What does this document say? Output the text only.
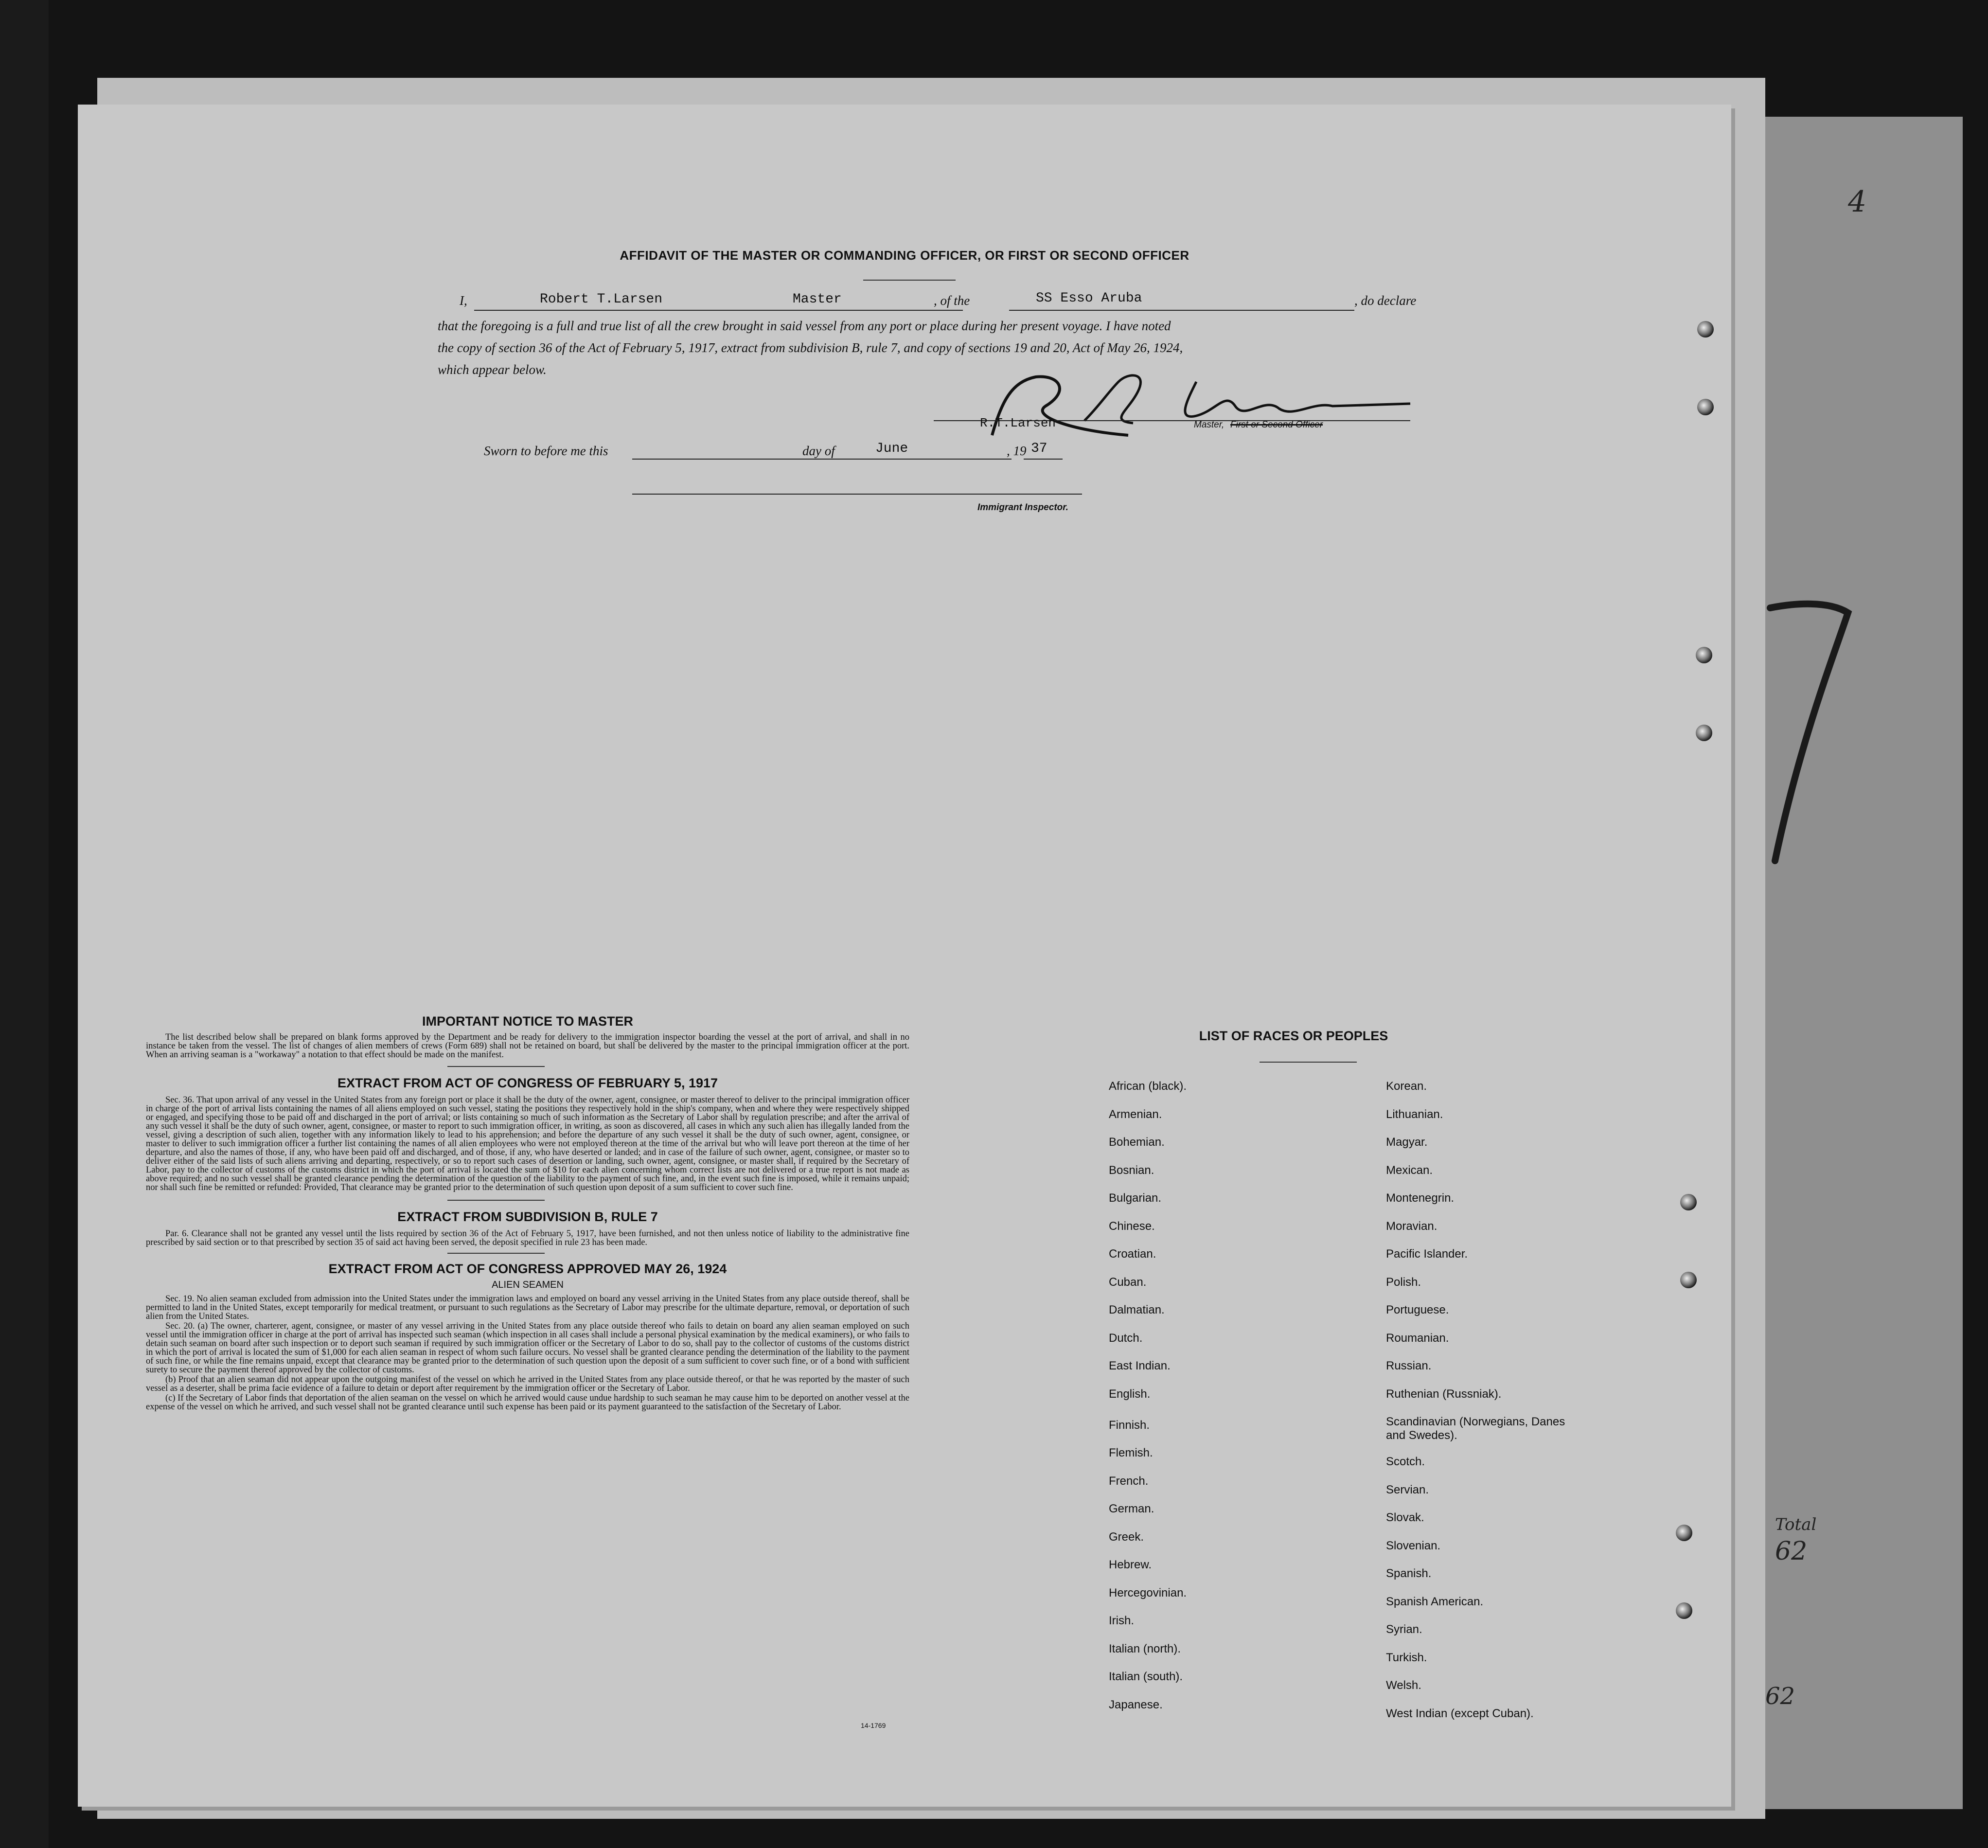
4
Total
62
62
AFFIDAVIT OF THE MASTER OR COMMANDING OFFICER, OR FIRST OR SECOND OFFICER
I,	Robert T.Larsen	Master	, of the	SS Esso Aruba	, do declare
that the foregoing is a full and true list of all the crew brought in said vessel from any port or place during her present voyage. I have noted
the copy of section 36 of the Act of February 5, 1917, extract from subdivision B, rule 7, and copy of sections 19 and 20, Act of May 26, 1924,
which appear below.
R.T.Larsen	Master, First or Second Officer
Sworn to before me this	day of	June	, 19 37
Immigrant Inspector.
IMPORTANT NOTICE TO MASTER

The list described below shall be prepared on blank forms approved by the Department and be ready for delivery to the immigration inspector boarding the vessel at the port of arrival, and shall in no instance be taken from the vessel. The list of changes of alien members of crews (Form 689) shall not be retained on board, but shall be delivered by the master to the principal immigration officer at the port. When an arriving seaman is a "workaway" a notation to that effect should be made on the manifest.

EXTRACT FROM ACT OF CONGRESS OF FEBRUARY 5, 1917

Sec. 36. That upon arrival of any vessel in the United States from any foreign port or place it shall be the duty of the owner, agent, consignee, or master thereof to deliver to the principal immigration officer in charge of the port of arrival lists containing the names of all aliens employed on such vessel, stating the positions they respectively hold in the ship's company, when and where they were respectively shipped or engaged, and specifying those to be paid off and discharged in the port of arrival; or lists containing so much of such information as the Secretary of Labor shall by regulation prescribe; and after the arrival of any such vessel it shall be the duty of such owner, agent, consignee, or master to report to such immigration officer, in writing, as soon as discovered, all cases in which any such alien has illegally landed from the vessel, giving a description of such alien, together with any information likely to lead to his apprehension; and before the departure of any such vessel it shall be the duty of such owner, agent, consignee, or master to deliver to such immigration officer a further list containing the names of all alien employees who were not employed thereon at the time of the arrival but who will leave port thereon at the time of her departure, and also the names of those, if any, who have been paid off and discharged, and of those, if any, who have deserted or landed; and in case of the failure of such owner, agent, consignee, or master so to deliver either of the said lists of such aliens arriving and departing, respectively, or so to report such cases of desertion or landing, such owner, agent, consignee, or master shall, if required by the Secretary of Labor, pay to the collector of customs of the customs district in which the port of arrival is located the sum of $10 for each alien concerning whom correct lists are not delivered or a true report is not made as above required; and no such vessel shall be granted clearance pending the determination of the question of the liability to the payment of such fine, and, in the event such fine is imposed, while it remains unpaid; nor shall such fine be remitted or refunded: Provided, That clearance may be granted prior to the determination of such question upon deposit of a sum sufficient to cover such fine.

EXTRACT FROM SUBDIVISION B, RULE 7

Par. 6. Clearance shall not be granted any vessel until the lists required by section 36 of the Act of February 5, 1917, have been furnished, and not then unless notice of liability to the administrative fine prescribed by said section or to that prescribed by section 35 of said act having been served, the deposit specified in rule 23 has been made.

EXTRACT FROM ACT OF CONGRESS APPROVED MAY 26, 1924
ALIEN SEAMEN

Sec. 19. No alien seaman excluded from admission into the United States under the immigration laws and employed on board any vessel arriving in the United States from any place outside thereof, shall be permitted to land in the United States, except temporarily for medical treatment, or pursuant to such regulations as the Secretary of Labor may prescribe for the ultimate departure, removal, or deportation of such alien from the United States.

Sec. 20. (a) The owner, charterer, agent, consignee, or master of any vessel arriving in the United States from any place outside thereof who fails to detain on board any alien seaman employed on such vessel until the immigration officer in charge at the port of arrival has inspected such seaman (which inspection in all cases shall include a personal physical examination by the medical examiners), or who fails to detain such seaman on board after such inspection or to deport such seaman if required by such immigration officer or the Secretary of Labor to do so, shall pay to the collector of customs of the customs district in which the port of arrival is located the sum of $1,000 for each alien seaman in respect of whom such failure occurs. No vessel shall be granted clearance pending the determination of the liability to the payment of such fine, or while the fine remains unpaid, except that clearance may be granted prior to the determination of such question upon the deposit of a sum sufficient to cover such fine, or of a bond with sufficient surety to secure the payment thereof approved by the collector of customs.

(b) Proof that an alien seaman did not appear upon the outgoing manifest of the vessel on which he arrived in the United States from any place outside thereof, or that he was reported by the master of such vessel as a deserter, shall be prima facie evidence of a failure to detain or deport after requirement by the immigration officer or the Secretary of Labor.

(c) If the Secretary of Labor finds that deportation of the alien seaman on the vessel on which he arrived would cause undue hardship to such seaman he may cause him to be deported on another vessel at the expense of the vessel on which he arrived, and such vessel shall not be granted clearance until such expense has been paid or its payment guaranteed to the satisfaction of the Secretary of Labor.

14-1769
LIST OF RACES OR PEOPLES
African (black).
Armenian.
Bohemian.
Bosnian.
Bulgarian.
Chinese.
Croatian.
Cuban.
Dalmatian.
Dutch.
East Indian.
English.
Finnish.
Flemish.
French.
German.
Greek.
Hebrew.
Hercegovinian.
Irish.
Italian (north).
Italian (south).
Japanese.
Korean.
Lithuanian.
Magyar.
Mexican.
Montenegrin.
Moravian.
Pacific Islander.
Polish.
Portuguese.
Roumanian.
Russian.
Ruthenian (Russniak).
Scandinavian (Norwegians, Danes and Swedes).
Scotch.
Servian.
Slovak.
Slovenian.
Spanish.
Spanish American.
Syrian.
Turkish.
Welsh.
West Indian (except Cuban).
